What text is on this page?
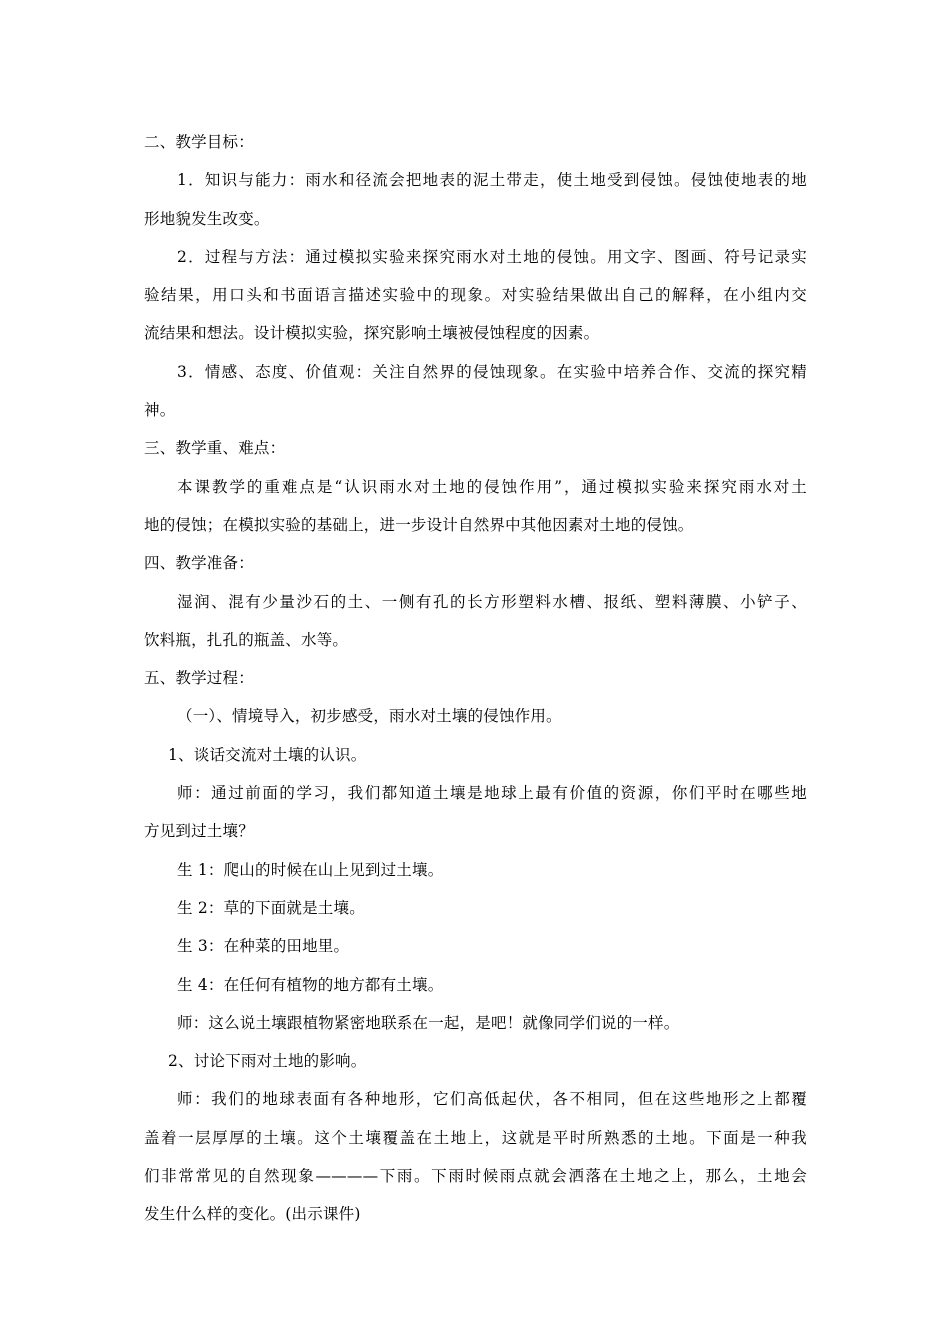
二、教学目标：
1．知识与能力：雨水和径流会把地表的泥土带走，使土地受到侵蚀。侵蚀使地表的地
形地貌发生改变。
2．过程与方法：通过模拟实验来探究雨水对土地的侵蚀。用文字、图画、符号记录实
验结果，用口头和书面语言描述实验中的现象。对实验结果做出自己的解释，在小组内交
流结果和想法。设计模拟实验，探究影响土壤被侵蚀程度的因素。
3．情感、态度、价值观：关注自然界的侵蚀现象。在实验中培养合作、交流的探究精
神。
三、教学重、难点：
本课教学的重难点是“认识雨水对土地的侵蚀作用”，通过模拟实验来探究雨水对土
地的侵蚀；在模拟实验的基础上，进一步设计自然界中其他因素对土地的侵蚀。
四、教学准备：
湿润、混有少量沙石的土、一侧有孔的长方形塑料水槽、报纸、塑料薄膜、小铲子、
饮料瓶，扎孔的瓶盖、水等。
五、教学过程：
（一）、情境导入，初步感受，雨水对土壤的侵蚀作用。
1、谈话交流对土壤的认识。
师：通过前面的学习，我们都知道土壤是地球上最有价值的资源，你们平时在哪些地
方见到过土壤？
生 1：爬山的时候在山上见到过土壤。
生 2：草的下面就是土壤。
生 3：在种菜的田地里。
生 4：在任何有植物的地方都有土壤。
师：这么说土壤跟植物紧密地联系在一起，是吧！就像同学们说的一样。
2、讨论下雨对土地的影响。
师：我们的地球表面有各种地形，它们高低起伏，各不相同，但在这些地形之上都覆
盖着一层厚厚的土壤。这个土壤覆盖在土地上，这就是平时所熟悉的土地。下面是一种我
们非常常见的自然现象————下雨。下雨时候雨点就会洒落在土地之上，那么，土地会
发生什么样的变化。(出示课件)
